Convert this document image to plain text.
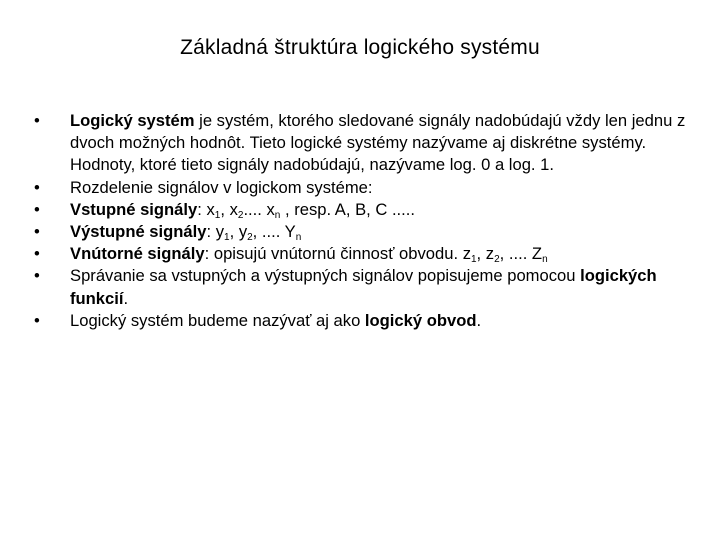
Základná štruktúra logického systému
•	Logický systém je systém, ktorého sledované signály nadobúdajú vždy len jednu z dvoch možných hodnôt. Tieto logické systémy nazývame aj diskrétne systémy. Hodnoty, ktoré tieto signály nadobúdajú, nazývame log. 0 a log. 1.
•	Rozdelenie signálov v logickom systéme:
•	Vstupné signály: $x_1$, $x_2$.... $x_n$ , resp. A, B, C .....
•	Výstupné signály: $y_1$, $y_2$, .... $Y_n$
•	Vnútorné signály: opisujú vnútornú činnosť obvodu. $z_1$, $z_2$, .... $Z_n$
•	Správanie sa vstupných a výstupných signálov popisujeme pomocou logických funkcií.
•	Logický systém budeme nazývať aj ako logický obvod.
